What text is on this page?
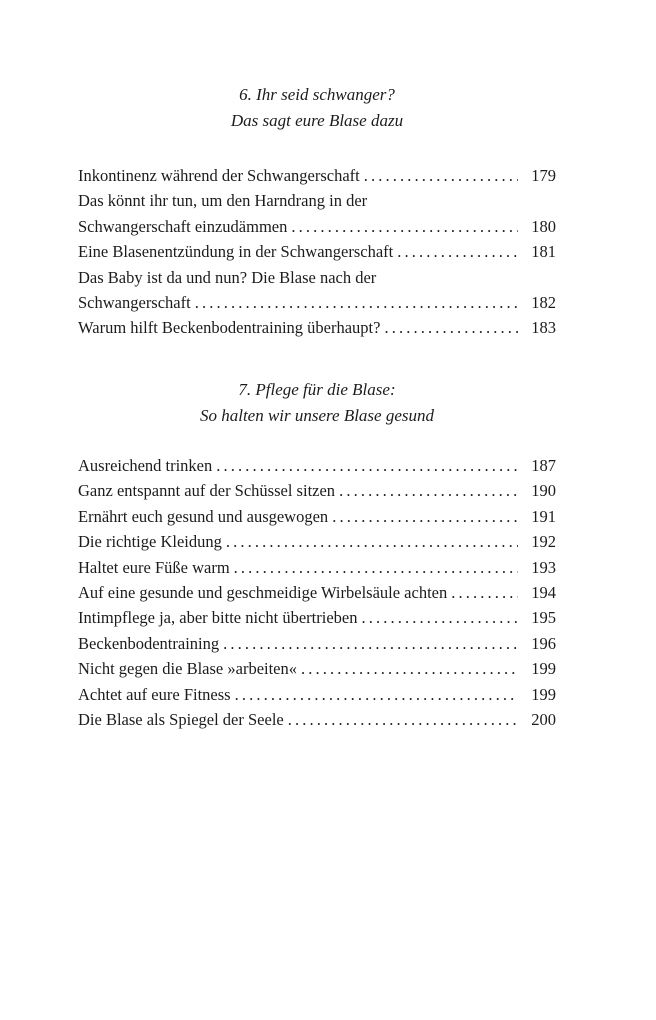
6. Ihr seid schwanger?
Das sagt eure Blase dazu
Inkontinenz während der Schwangerschaft . . .	179
Das könnt ihr tun, um den Harndrang in der
Schwangerschaft einzudämmen . . .	180
Eine Blasenentzündung in der Schwangerschaft . . .	181
Das Baby ist da und nun? Die Blase nach der
Schwangerschaft . . .	182
Warum hilft Beckenbodentraining überhaupt? . . .	183
7. Pflege für die Blase:
So halten wir unsere Blase gesund
Ausreichend trinken . . .	187
Ganz entspannt auf der Schüssel sitzen . . .	190
Ernährt euch gesund und ausgewogen . . .	191
Die richtige Kleidung . . .	192
Haltet eure Füße warm . . .	193
Auf eine gesunde und geschmeidige Wirbelsäule achten . . .	194
Intimpflege ja, aber bitte nicht übertrieben . . .	195
Beckenbodentraining . . .	196
Nicht gegen die Blase »arbeiten« . . .	199
Achtet auf eure Fitness . . .	199
Die Blase als Spiegel der Seele . . .	200
